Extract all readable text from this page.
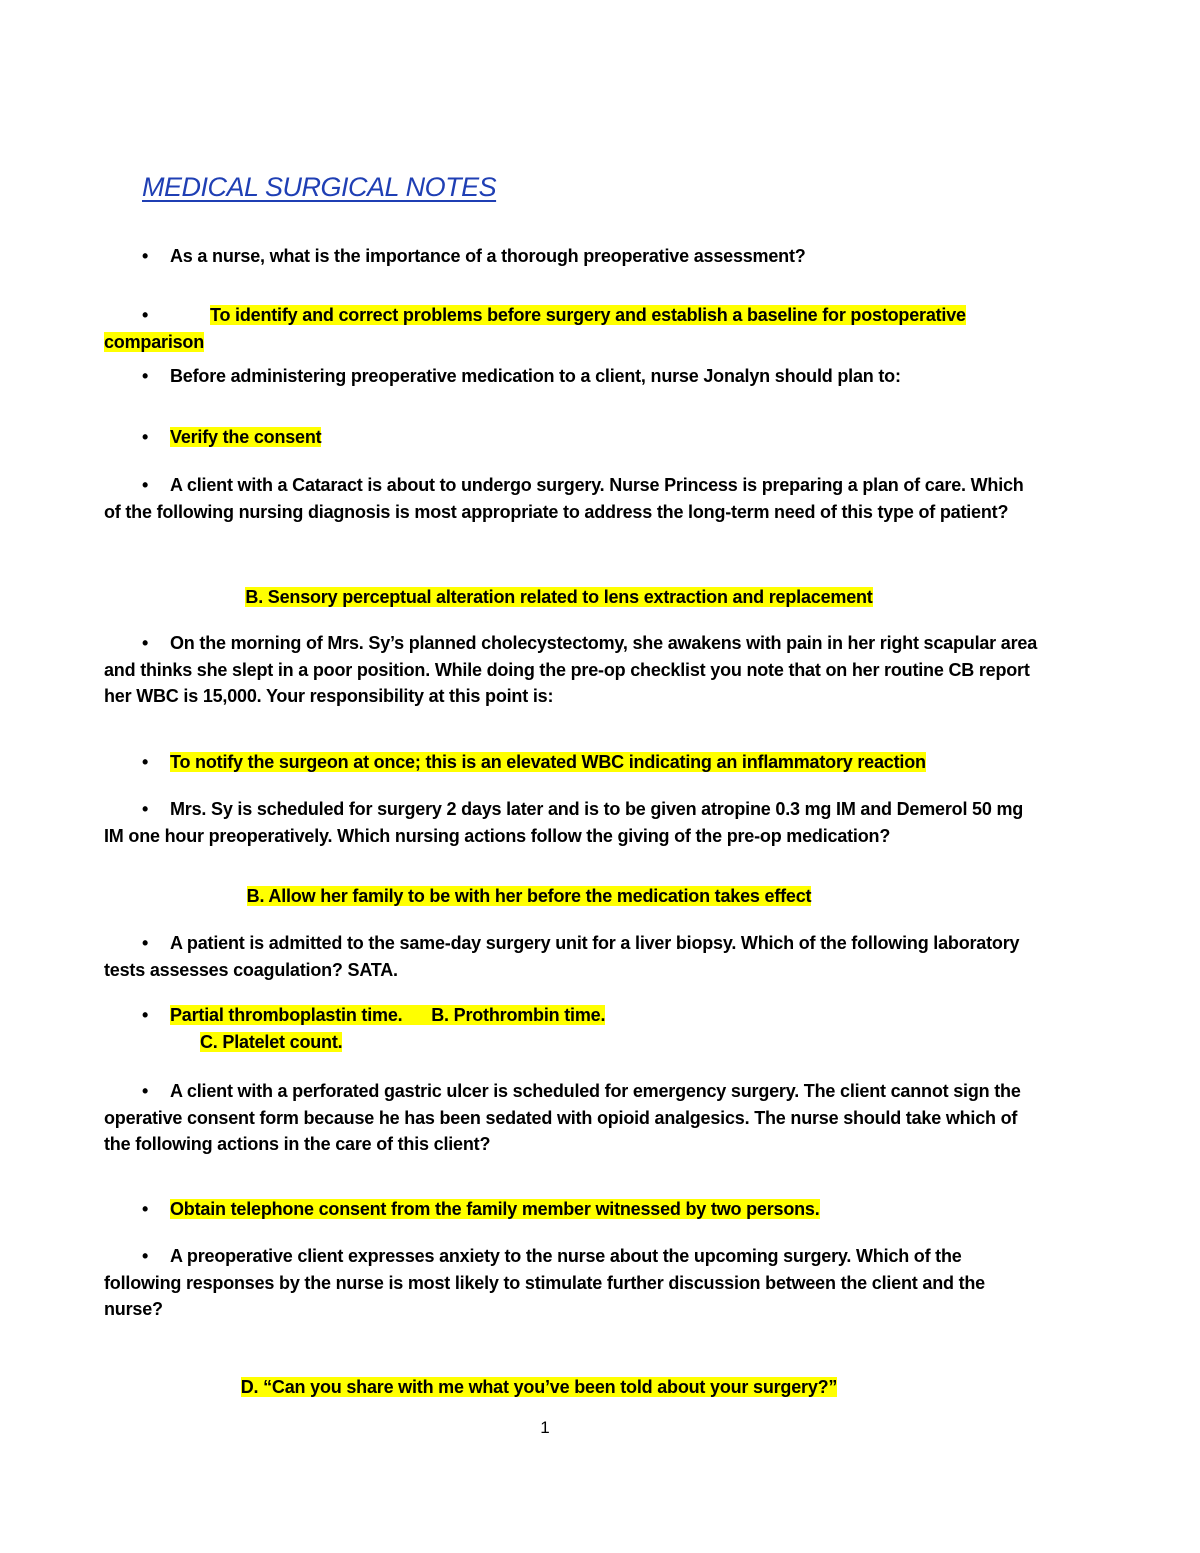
MEDICAL SURGICAL NOTES
• As a nurse, what is the importance of a thorough preoperative assessment?
•	To identify and correct problems before surgery and establish a baseline for postoperative
comparison
• Before administering preoperative medication to a client, nurse Jonalyn should plan to:
• Verify the consent
• A client with a Cataract is about to undergo surgery. Nurse Princess is preparing a plan of care. Which of the following nursing diagnosis is most appropriate to address the long-term need of this type of patient?
B. Sensory perceptual alteration related to lens extraction and replacement
• On the morning of Mrs. Sy’s planned cholecystectomy, she awakens with pain in her right scapular area and thinks she slept in a poor position. While doing the pre-op checklist you note that on her routine CB report her WBC is 15,000. Your responsibility at this point is:
• To notify the surgeon at once; this is an elevated WBC indicating an inflammatory reaction
• Mrs. Sy is scheduled for surgery 2 days later and is to be given atropine 0.3 mg IM and Demerol 50 mg IM one hour preoperatively. Which nursing actions follow the giving of the pre-op medication?
B. Allow her family to be with her before the medication takes effect
• A patient is admitted to the same-day surgery unit for a liver biopsy. Which of the following laboratory tests assesses coagulation? SATA.
• Partial thromboplastin time.      B. Prothrombin time.
C. Platelet count.
• A client with a perforated gastric ulcer is scheduled for emergency surgery. The client cannot sign the operative consent form because he has been sedated with opioid analgesics. The nurse should take which of the following actions in the care of this client?
• Obtain telephone consent from the family member witnessed by two persons.
• A preoperative client expresses anxiety to the nurse about the upcoming surgery. Which of the following responses by the nurse is most likely to stimulate further discussion between the client and the nurse?
D. “Can you share with me what you’ve been told about your surgery?”
1
